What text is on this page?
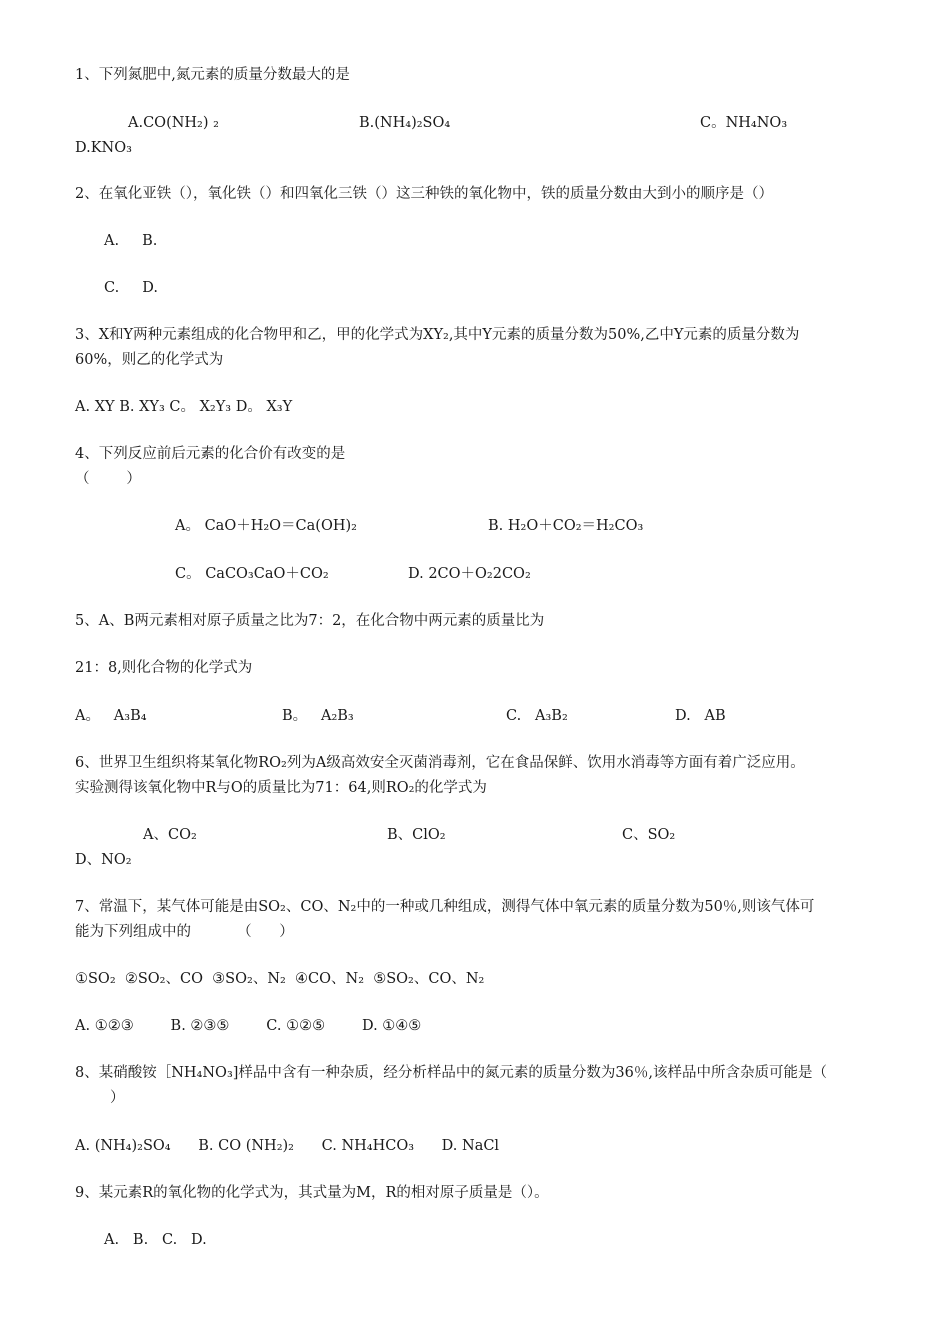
1、下列氮肥中,氮元素的质量分数最大的是
A.CO(NH₂) ₂	B.(NH₄)₂SO₄	C。NH₄NO₃
D.KNO₃
2、在氧化亚铁（），氧化铁（）和四氧化三铁（）这三种铁的氧化物中，铁的质量分数由大到小的顺序是（）
A.     B.
C.     D.
3、X和Y两种元素组成的化合物甲和乙，甲的化学式为XY₂,其中Y元素的质量分数为50%,乙中Y元素的质量分数为
60%，则乙的化学式为
A. XY B. XY₃ C。 X₂Y₃ D。 X₃Y
4、下列反应前后元素的化合价有改变的是
（        ）
A。 CaO＋H₂O＝Ca(OH)₂	B. H₂O＋CO₂＝H₂CO₃
C。 CaCO₃CaO＋CO₂	D. 2CO＋O₂2CO₂
5、A、B两元素相对原子质量之比为7：2，在化合物中两元素的质量比为
21：8,则化合物的化学式为
A。   A₃B₄	B。   A₂B₃	C.   A₃B₂	D.   AB
6、世界卫生组织将某氧化物RO₂列为A级高效安全灭菌消毒剂，它在食品保鲜、饮用水消毒等方面有着广泛应用。
实验测得该氧化物中R与O的质量比为71：64,则RO₂的化学式为
A、CO₂	B、ClO₂	C、SO₂
D、NO₂
7、常温下，某气体可能是由SO₂、CO、N₂中的一种或几种组成，测得气体中氧元素的质量分数为50％,则该气体可
能为下列组成中的          （      ）
①SO₂  ②SO₂、CO  ③SO₂、N₂  ④CO、N₂  ⑤SO₂、CO、N₂
A. ①②③        B. ②③⑤        C. ①②⑤        D. ①④⑤
8、某硝酸铵［NH₄NO₃]样品中含有一种杂质，经分析样品中的氮元素的质量分数为36％,该样品中所含杂质可能是（
）
A. (NH₄)₂SO₄      B. CO (NH₂)₂      C. NH₄HCO₃      D. NaCl
9、某元素R的氧化物的化学式为，其式量为M，R的相对原子质量是（）。
A.   B.   C.   D.
